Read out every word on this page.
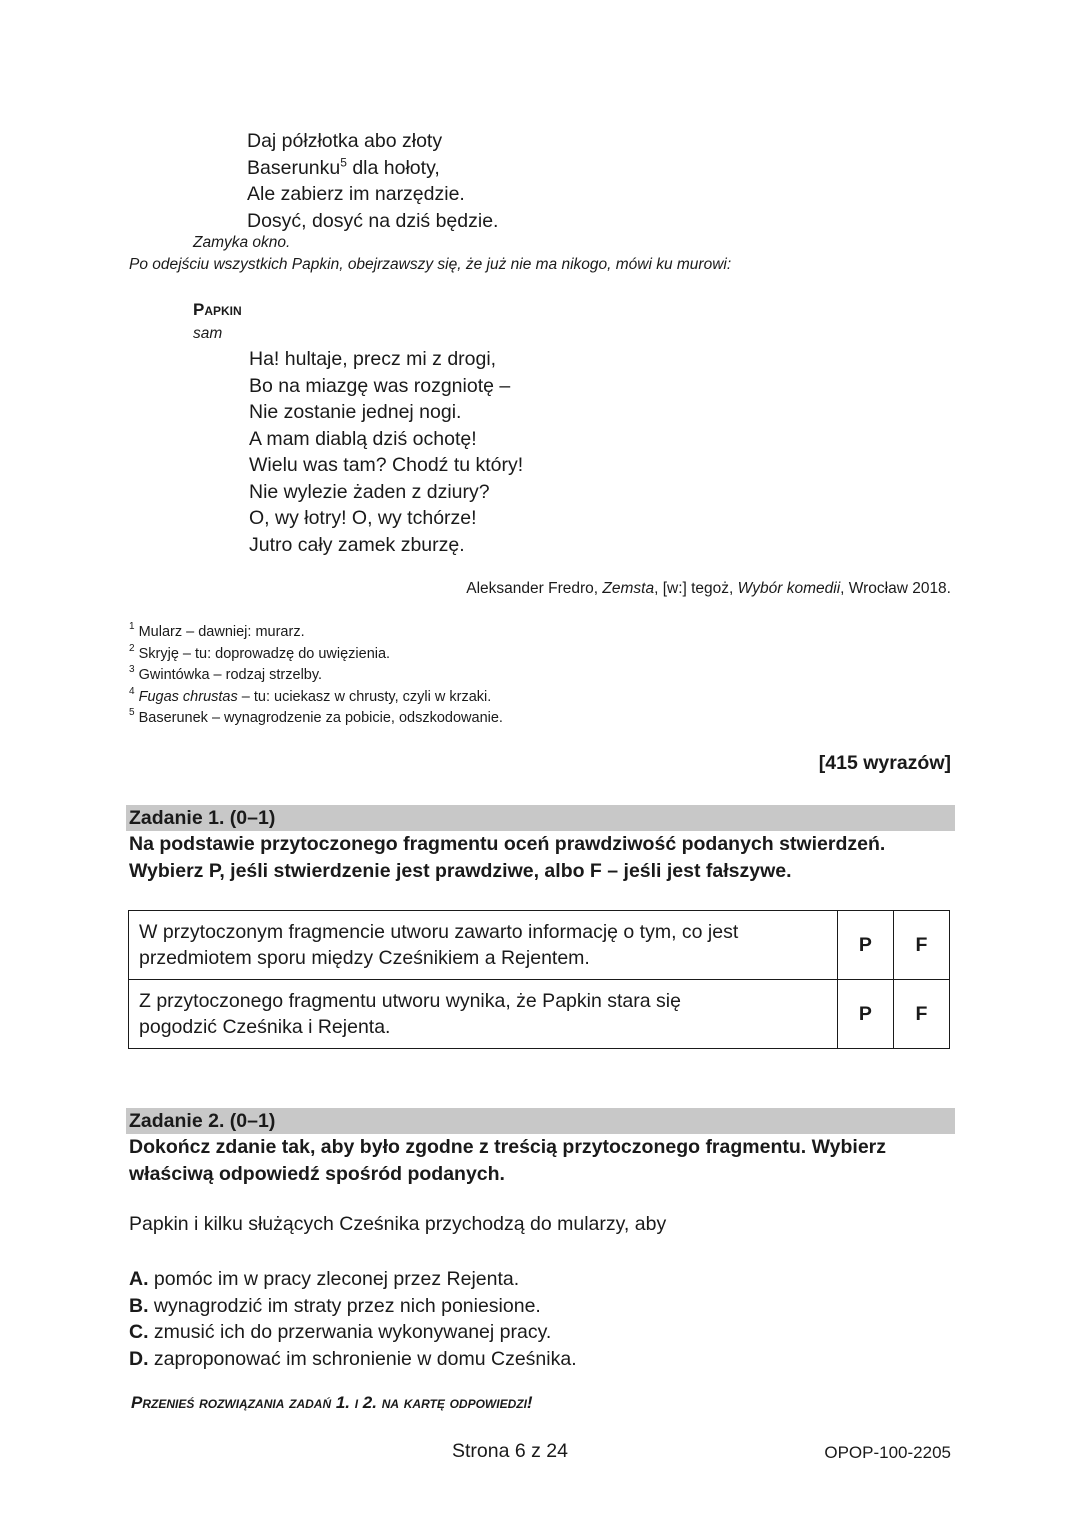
Daj półzłotka abo złoty
Baserunku$^5$ dla hołoty,
Ale zabierz im narzędzie.
Dosyć, dosyć na dziś będzie.
Zamyka okno.
Po odejściu wszystkich Papkin, obejrzawszy się, że już nie ma nikogo, mówi ku murowi:
Papkin
sam
Ha! hultaje, precz mi z drogi,
Bo na miazgę was rozgniotę –
Nie zostanie jednej nogi.
A mam diablą dziś ochotę!
Wielu was tam? Chodź tu który!
Nie wylezie żaden z dziury?
O, wy łotry! O, wy tchórze!
Jutro cały zamek zburzę.
Aleksander Fredro, Zemsta, [w:] tegoż, Wybór komedii, Wrocław 2018.
$^1$ Mularz – dawniej: murarz.
$^2$ Skryję – tu: doprowadzę do uwięzienia.
$^3$ Gwintówka – rodzaj strzelby.
$^4$ Fugas chrustas – tu: uciekasz w chrusty, czyli w krzaki.
$^5$ Baserunek – wynagrodzenie za pobicie, odszkodowanie.
[415 wyrazów]
Zadanie 1. (0–1)
Na podstawie przytoczonego fragmentu oceń prawdziwość podanych stwierdzeń.
Wybierz P, jeśli stwierdzenie jest prawdziwe, albo F – jeśli jest fałszywe.
W przytoczonym fragmencie utworu zawarto informację o tym, co jest
przedmiotem sporu między Cześnikiem a Rejentem.	P	F

Z przytoczonego fragmentu utworu wynika, że Papkin stara się
pogodzić Cześnika i Rejenta.	P	F
Zadanie 2. (0–1)
Dokończ zdanie tak, aby było zgodne z treścią przytoczonego fragmentu. Wybierz
właściwą odpowiedź spośród podanych.
Papkin i kilku służących Cześnika przychodzą do mularzy, aby
A. pomóc im w pracy zleconej przez Rejenta.
B. wynagrodzić im straty przez nich poniesione.
C. zmusić ich do przerwania wykonywanej pracy.
D. zaproponować im schronienie w domu Cześnika.
Przenieś rozwiązania zadań 1. i 2. na kartę odpowiedzi!
Strona 6 z 24	OPOP-100-2205
